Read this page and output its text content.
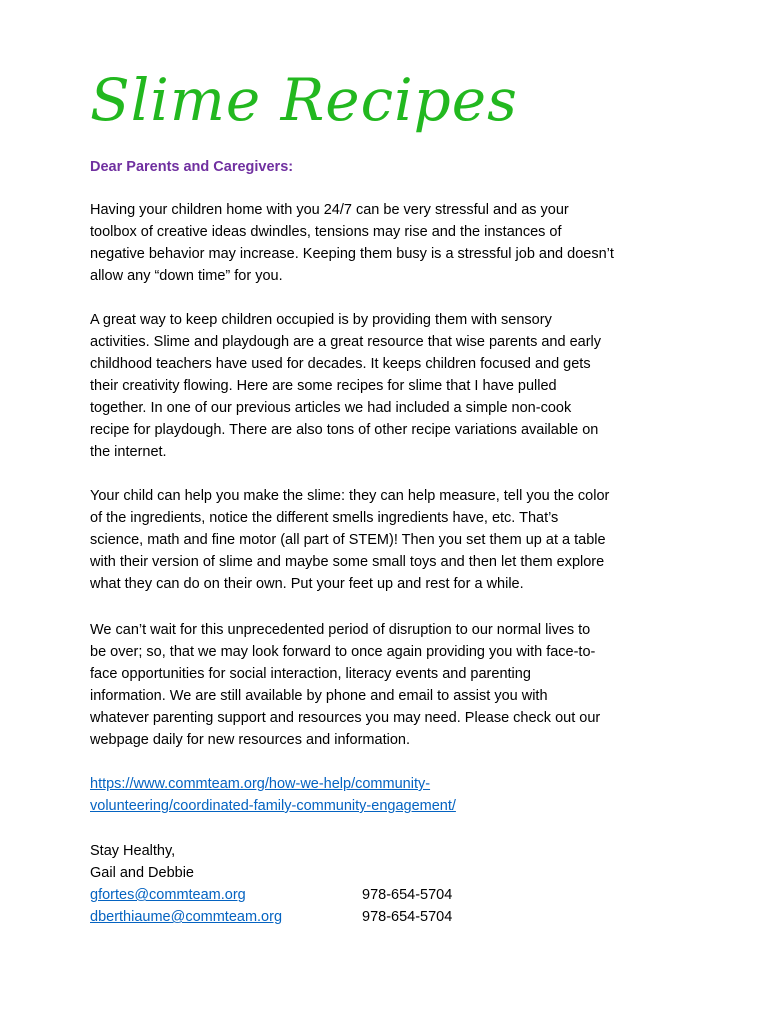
Slime Recipes
Dear Parents and Caregivers:

Having your children home with you 24/7 can be very stressful and as your
toolbox of creative ideas dwindles, tensions may rise and the instances of
negative behavior may increase. Keeping them busy is a stressful job and doesn’t
allow any “down time” for you.

A great way to keep children occupied is by providing them with sensory
activities. Slime and playdough are a great resource that wise parents and early
childhood teachers have used for decades. It keeps children focused and gets
their creativity flowing. Here are some recipes for slime that I have pulled
together. In one of our previous articles we had included a simple non-cook
recipe for playdough. There are also tons of other recipe variations available on
the internet.

Your child can help you make the slime: they can help measure, tell you the color
of the ingredients, notice the different smells ingredients have, etc. That’s
science, math and fine motor (all part of STEM)! Then you set them up at a table
with their version of slime and maybe some small toys and then let them explore
what they can do on their own. Put your feet up and rest for a while.

We can’t wait for this unprecedented period of disruption to our normal lives to
be over; so, that we may look forward to once again providing you with face-to-
face opportunities for social interaction, literacy events and parenting
information. We are still available by phone and email to assist you with
whatever parenting support and resources you may need. Please check out our
webpage daily for new resources and information.

https://www.commteam.org/how-we-help/community-
volunteering/coordinated-family-community-engagement/
Stay Healthy,
Gail and Debbie
gfortes@commteam.org	978-654-5704
dberthiaume@commteam.org	978-654-5704
